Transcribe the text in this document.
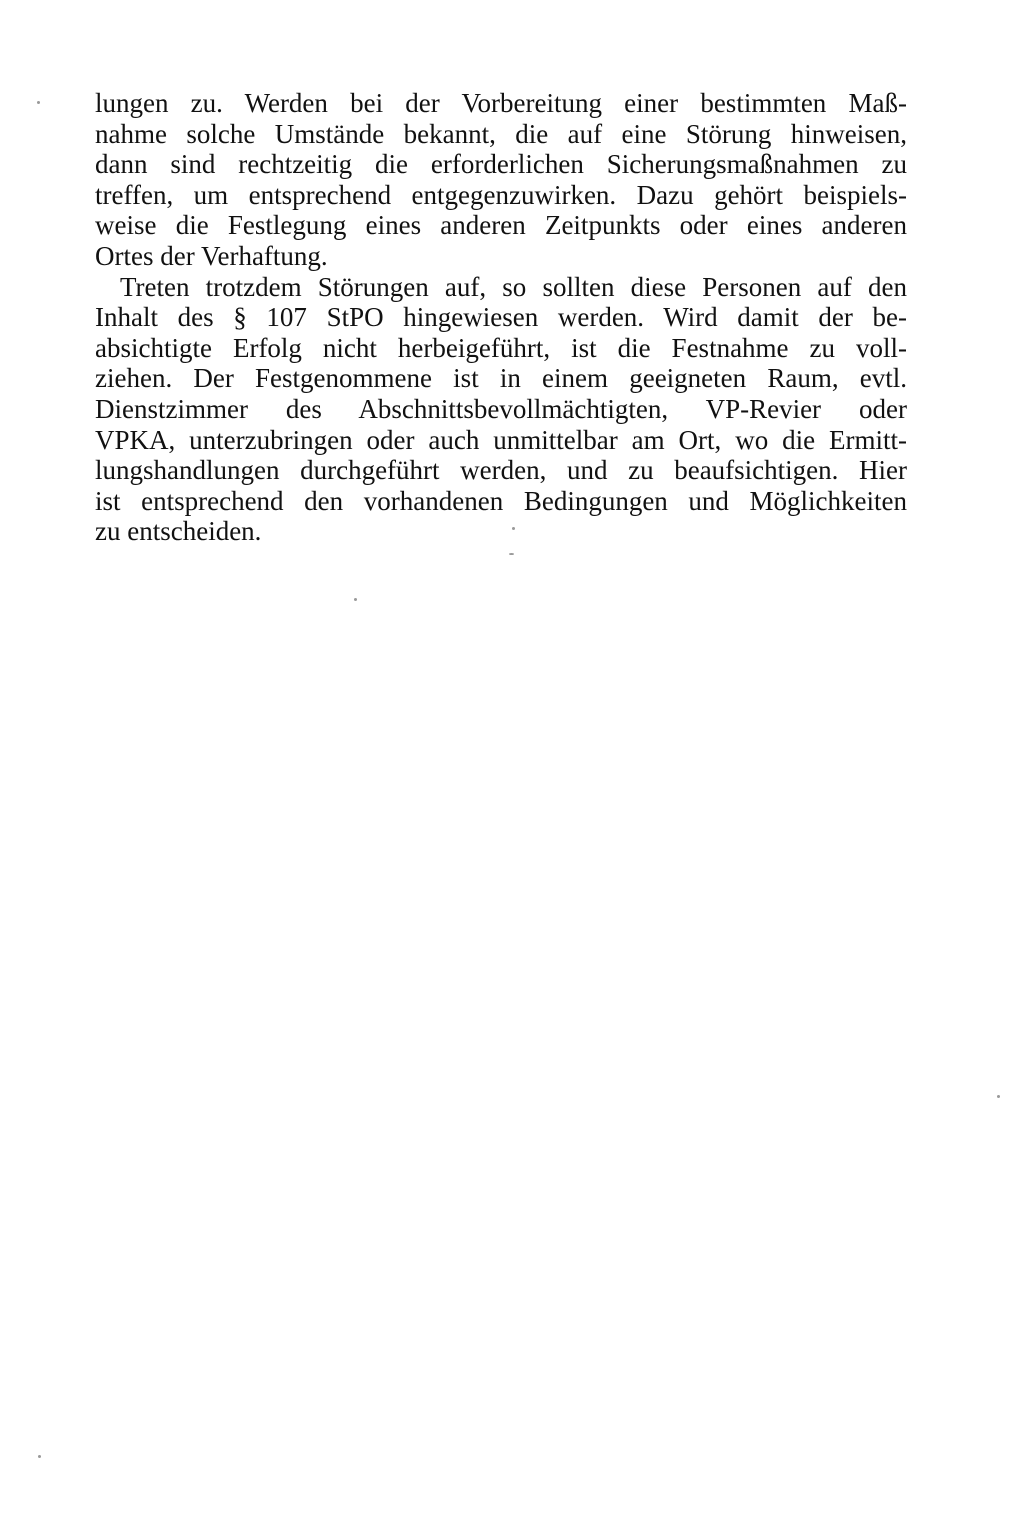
lungen zu. Werden bei der Vorbereitung einer bestimmten Maß-
nahme solche Umstände bekannt, die auf eine Störung hinweisen,
dann sind rechtzeitig die erforderlichen Sicherungsmaßnahmen zu
treffen, um entsprechend entgegenzuwirken. Dazu gehört beispiels-
weise die Festlegung eines anderen Zeitpunkts oder eines anderen
Ortes der Verhaftung.
Treten trotzdem Störungen auf, so sollten diese Personen auf den
Inhalt des § 107 StPO hingewiesen werden. Wird damit der be-
absichtigte Erfolg nicht herbeigeführt, ist die Festnahme zu voll-
ziehen. Der Festgenommene ist in einem geeigneten Raum, evtl.
Dienstzimmer des Abschnittsbevollmächtigten, VP-Revier oder
VPKA, unterzubringen oder auch unmittelbar am Ort, wo die Ermitt-
lungshandlungen durchgeführt werden, und zu beaufsichtigen. Hier
ist entsprechend den vorhandenen Bedingungen und Möglichkeiten
zu entscheiden.
